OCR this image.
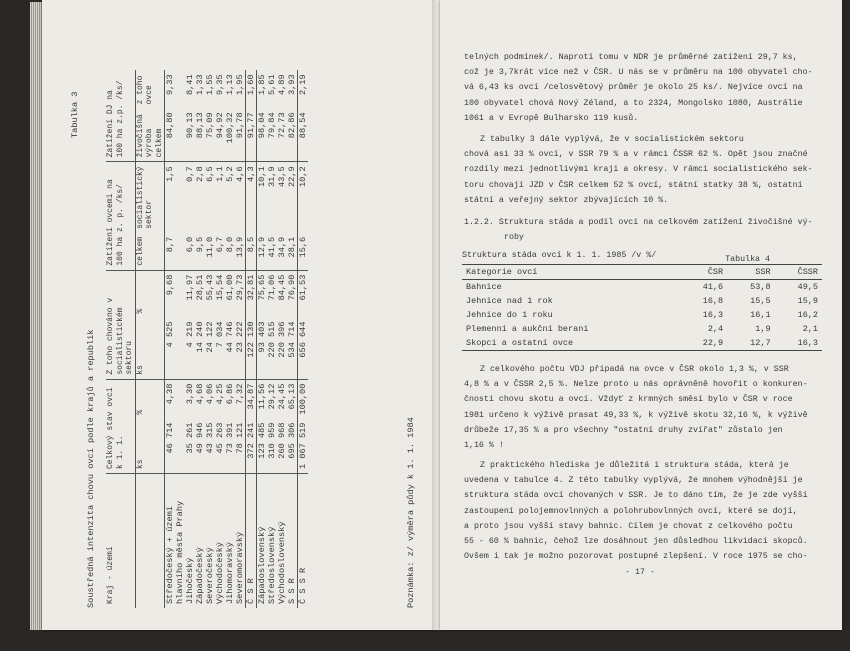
Tabulka 3
Soustředná intenzita chovu ovcí podle krajů a republik Kraj - území	Celkový stav ovcí k 1. 1.		Z toho chováno v socialistickém sektoru		Zatížení ovcemi na 100 ha z. p. /ks/		Zatížení DJ na 100 ha z.p. /ks/	
	ks	%	ks	%	celkem	socialistický sektor	živočišná výroba celkem	z toho ovce
Středočeský + území hlavního města Prahy	46 714	4,38	4 525	9,68	8,7	1,5	84,80	9,33
Jihočeský	35 261	3,30	4 219	11,97	6,0	0,7	90,13	8,41
Západočeský	49 946	4,68	14 240	28,51	9,5	2,8	88,13	1,33
Severočeský	43 315	4,06	24 122	55,43	11,0	6,5	75,09	1,55
Východočeský	45 263	4,25	7 034	15,54	6,7	1,1	94,92	9,35
Jihomoravský	73 391	6,86	44 746	61,00	8,0	5,2	100,32	1,13
Severomoravský	78 121	7,32	23 222	29,73	13,9	4,6	91,78	1,95
Č S R	372 241	34,87	122 130	32,81	8,5	4,3	91,77	1,60
Západoslovenský	123 485	11,56	93 403	75,65	12,9	10,1	98,04	1,85
Středoslovenský	310 959	29,12	220 515	71,06	41,5	31,9	79,84	5,61
Východoslovenský	260 968	24,45	220 396	84,45	34,9	43,5	72,73	4,89
S S R	695 306	65,13	534 714	76,90	28,1	22,9	82,86	3,93
Č S S R	1 067 519	100,00	656 644	61,53	15,6	10,2	88,54	2,19
Poznámka: z/ výměra půdy k 1. 1. 1984
telných podmínek/. Naproti tomu v NDR je průměrné zatížení 29,7 ks,
což je 3,7krát více než v ČSR. U nás se v průměru na 100 obyvatel cho-
vá 6,43 ks ovcí /celosvětový průměr je okolo 25 ks/. Nejvíce ovcí na
100 obyvatel chová Nový Zéland, a to 2324, Mongolsko 1080, Austrálie
1061 a v Evropě Bulharsko 119 kusů.
Z tabulky 3 dále vyplývá, že v socialistickém sektoru
chová asi 33 % ovcí, v SSR 79 % a v rámci ČSSR 62 %. Opět jsou značné
rozdíly mezi jednotlivými kraji a okresy. V rámci socialistického sek-
toru chovají JZD v ČSR celkem 52 % ovcí, státní statky 38 %, ostatní
státní a veřejný sektor zbývajících 10 %.
1.2.2. Struktura stáda a podíl ovcí na celkovém zatížení živočišné vý-
roby
Tabulka 4
Struktura stáda ovcí k 1. 1. 1985 /v %/
Kategorie ovcí	ČSR	SSR	ČSSR
Bahnice	41,6	53,8	49,5
Jehnice nad 1 rok	16,8	15,5	15,9
Jehnice do 1 roku	16,3	16,1	16,2
Plemenní a aukční berani	2,4	1,9	2,1
Skopci a ostatní ovce	22,9	12,7	16,3
Z celkového počtu VDJ připadá na ovce v ČSR okolo 1,3 %, v SSR
4,8 % a v ČSSR 2,5 %. Nelze proto u nás oprávněně hovořit o konkuren-
čnosti chovu skotu a ovcí. Vždyť z krmných směsí bylo v ČSR v roce
1981 určeno k výživě prasat 49,33 %, k výživě skotu 32,16 %, k výživě
drůbeže 17,35 % a pro všechny "ostatní druhy zvířat" zůstalo jen
1,16 % !
Z praktického hlediska je důležitá i struktura stáda, která je
uvedena v tabulce 4. Z této tabulky vyplývá, že mnohem výhodnější je
struktura stáda ovcí chovaných v SSR. Je to dáno tím, že je zde vyšší
zastoupení polojemnovlnných a polohrubovlnných ovcí, které se dojí,
a proto jsou vyšší stavy bahnic. Cílem je chovat z celkového počtu
55 - 60 % bahnic, čehož lze dosáhnout jen důsledhou likvidací skopců.
Ovšem i tak je možno pozorovat postupné zlepšení. V roce 1975 se cho-
- 17 -
